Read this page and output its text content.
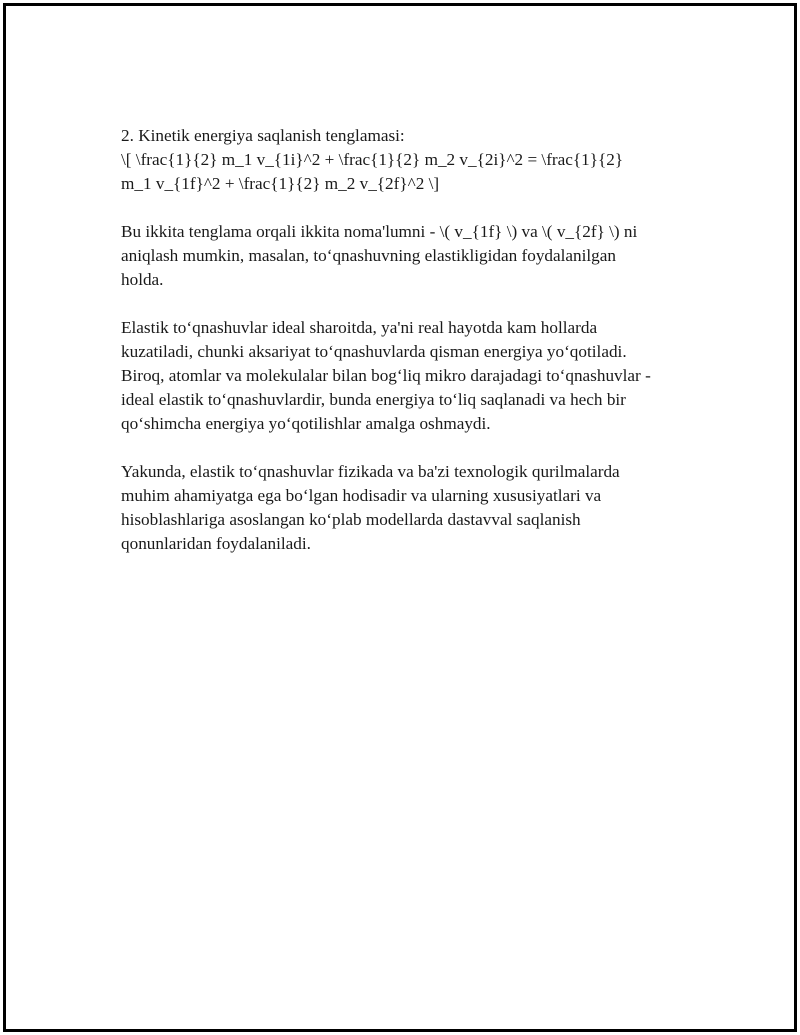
2. Kinetik energiya saqlanish tenglamasi:
\[ \frac{1}{2} m_1 v_{1i}^2 + \frac{1}{2} m_2 v_{2i}^2 = \frac{1}{2}
m_1 v_{1f}^2 + \frac{1}{2} m_2 v_{2f}^2 \]

Bu ikkita tenglama orqali ikkita noma'lumni - \( v_{1f} \) va \( v_{2f} \) ni
aniqlash mumkin, masalan, to‘qnashuvning elastikligidan foydalanilgan
holda.

Elastik to‘qnashuvlar ideal sharoitda, ya'ni real hayotda kam hollarda
kuzatiladi, chunki aksariyat to‘qnashuvlarda qisman energiya yo‘qotiladi.
Biroq, atomlar va molekulalar bilan bog‘liq mikro darajadagi to‘qnashuvlar -
ideal elastik to‘qnashuvlardir, bunda energiya to‘liq saqlanadi va hech bir
qo‘shimcha energiya yo‘qotilishlar amalga oshmaydi.

Yakunda, elastik to‘qnashuvlar fizikada va ba'zi texnologik qurilmalarda
muhim ahamiyatga ega bo‘lgan hodisadir va ularning xususiyatlari va
hisoblashlariga asoslangan ko‘plab modellarda dastavval saqlanish
qonunlaridan foydalaniladi.
